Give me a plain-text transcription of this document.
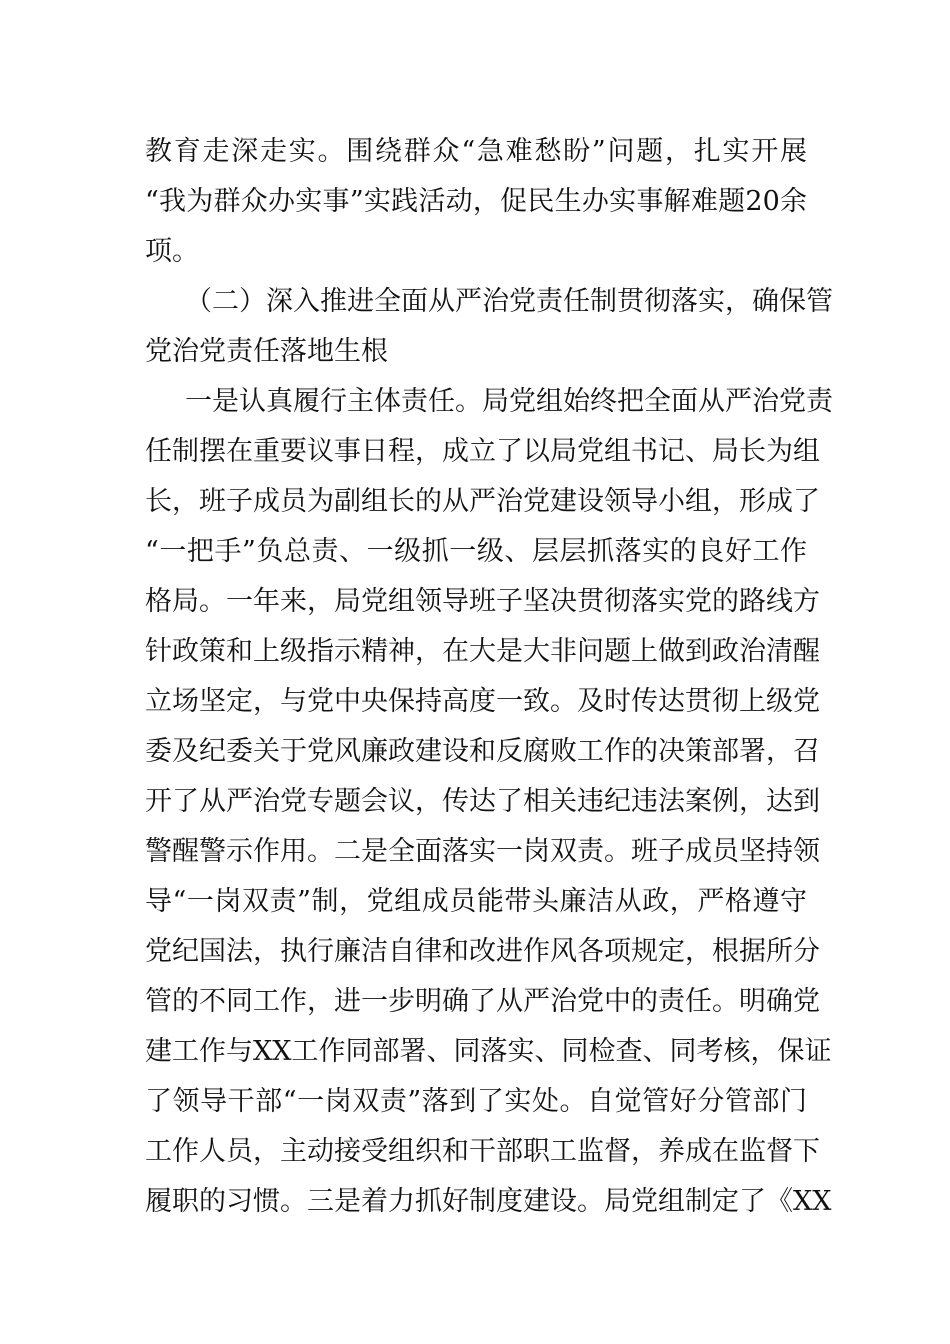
教育走深走实。围绕群众“急难愁盼”问题，扎实开展
“我为群众办实事”实践活动，促民生办实事解难题20余
项。
（二）深入推进全面从严治党责任制贯彻落实，确保管
党治党责任落地生根
一是认真履行主体责任。局党组始终把全面从严治党责
任制摆在重要议事日程，成立了以局党组书记、局长为组
长，班子成员为副组长的从严治党建设领导小组，形成了
“一把手”负总责、一级抓一级、层层抓落实的良好工作
格局。一年来，局党组领导班子坚决贯彻落实党的路线方
针政策和上级指示精神，在大是大非问题上做到政治清醒
立场坚定，与党中央保持高度一致。及时传达贯彻上级党
委及纪委关于党风廉政建设和反腐败工作的决策部署，召
开了从严治党专题会议，传达了相关违纪违法案例，达到
警醒警示作用。二是全面落实一岗双责。班子成员坚持领
导“一岗双责”制，党组成员能带头廉洁从政，严格遵守
党纪国法，执行廉洁自律和改进作风各项规定，根据所分
管的不同工作，进一步明确了从严治党中的责任。明确党
建工作与XX工作同部署、同落实、同检查、同考核，保证
了领导干部“一岗双责”落到了实处。自觉管好分管部门
工作人员，主动接受组织和干部职工监督，养成在监督下
履职的习惯。三是着力抓好制度建设。局党组制定了《XX
